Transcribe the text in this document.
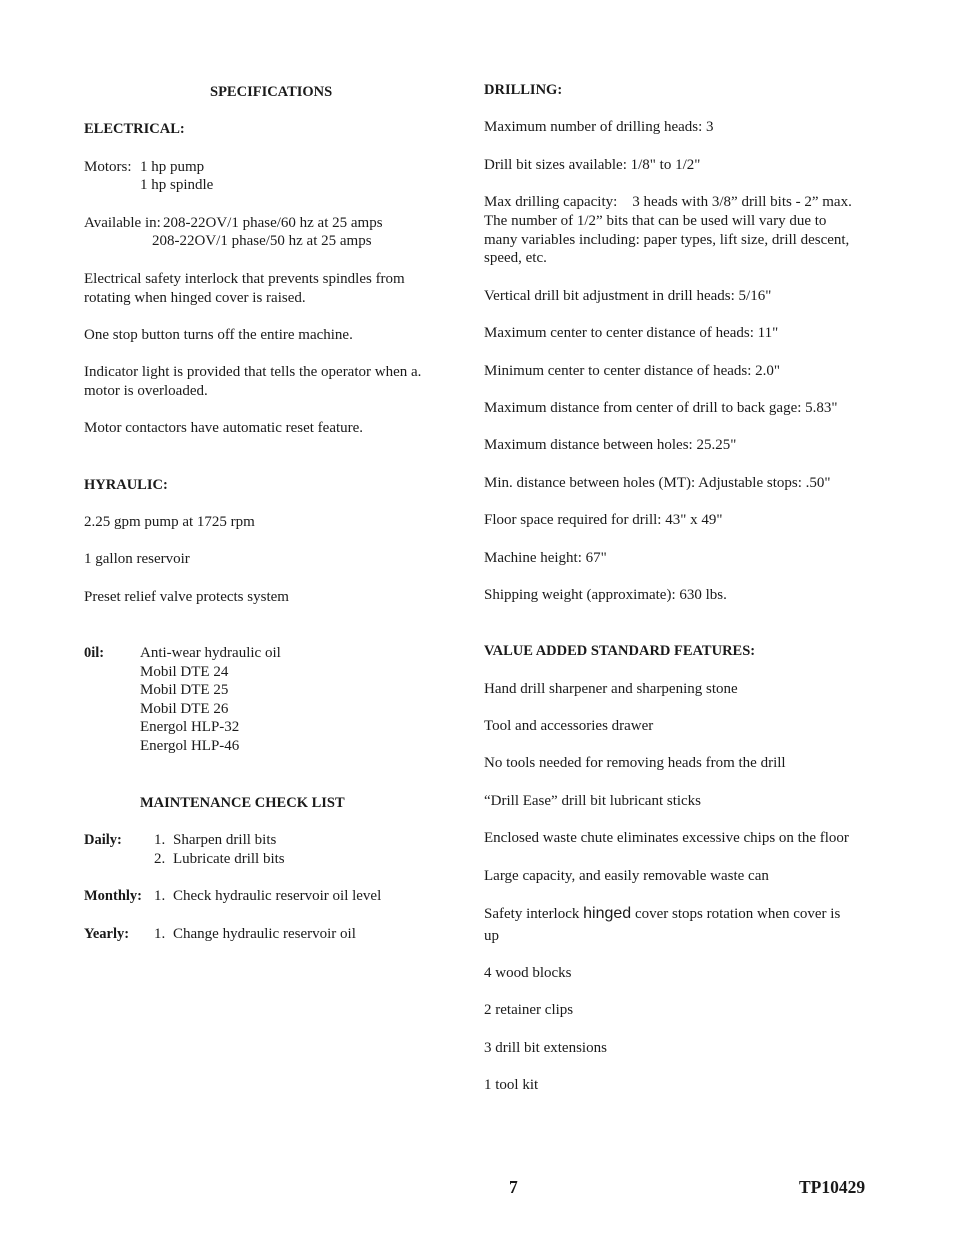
SPECIFICATIONS
ELECTRICAL:
Motors: 1 hp pump
1 hp spindle
Available in: 208-22OV/1 phase/60 hz at 25 amps
208-22OV/1 phase/50 hz at 25 amps
Electrical safety interlock that prevents spindles from
rotating when hinged cover is raised.
One stop button turns off the entire machine.
Indicator light is provided that tells the operator when a.
motor is overloaded.
Motor contactors have automatic reset feature.
HYRAULIC:
2.25 gpm pump at 1725 rpm
1 gallon reservoir
Preset relief valve protects system
0il: Anti-wear hydraulic oil
Mobil DTE 24
Mobil DTE 25
Mobil DTE 26
Energol HLP-32
Energol HLP-46
MAINTENANCE CHECK LIST
Daily: 1. Sharpen drill bits
2. Lubricate drill bits
Monthly: 1. Check hydraulic reservoir oil level
Yearly: 1. Change hydraulic reservoir oil
DRILLING:
Maximum number of drilling heads: 3
Drill bit sizes available: 1/8" to 1/2"
Max drilling capacity:    3 heads with 3/8” drill bits - 2” max.
The number of 1/2” bits that can be used will vary due to
many variables including: paper types, lift size, drill descent,
speed, etc.
Vertical drill bit adjustment in drill heads: 5/16"
Maximum center to center distance of heads: 11"
Minimum center to center distance of heads: 2.0"
Maximum distance from center of drill to back gage: 5.83"
Maximum distance between holes: 25.25"
Min. distance between holes (MT): Adjustable stops: .50"
Floor space required for drill: 43" x 49"
Machine height: 67"
Shipping weight (approximate): 630 lbs.
VALUE ADDED STANDARD FEATURES:
Hand drill sharpener and sharpening stone
Tool and accessories drawer
No tools needed for removing heads from the drill
“Drill Ease” drill bit lubricant sticks
Enclosed waste chute eliminates excessive chips on the floor
Large capacity, and easily removable waste can
Safety interlock hinged cover stops rotation when cover is
up
4 wood blocks
2 retainer clips
3 drill bit extensions
1 tool kit
7	TP10429
